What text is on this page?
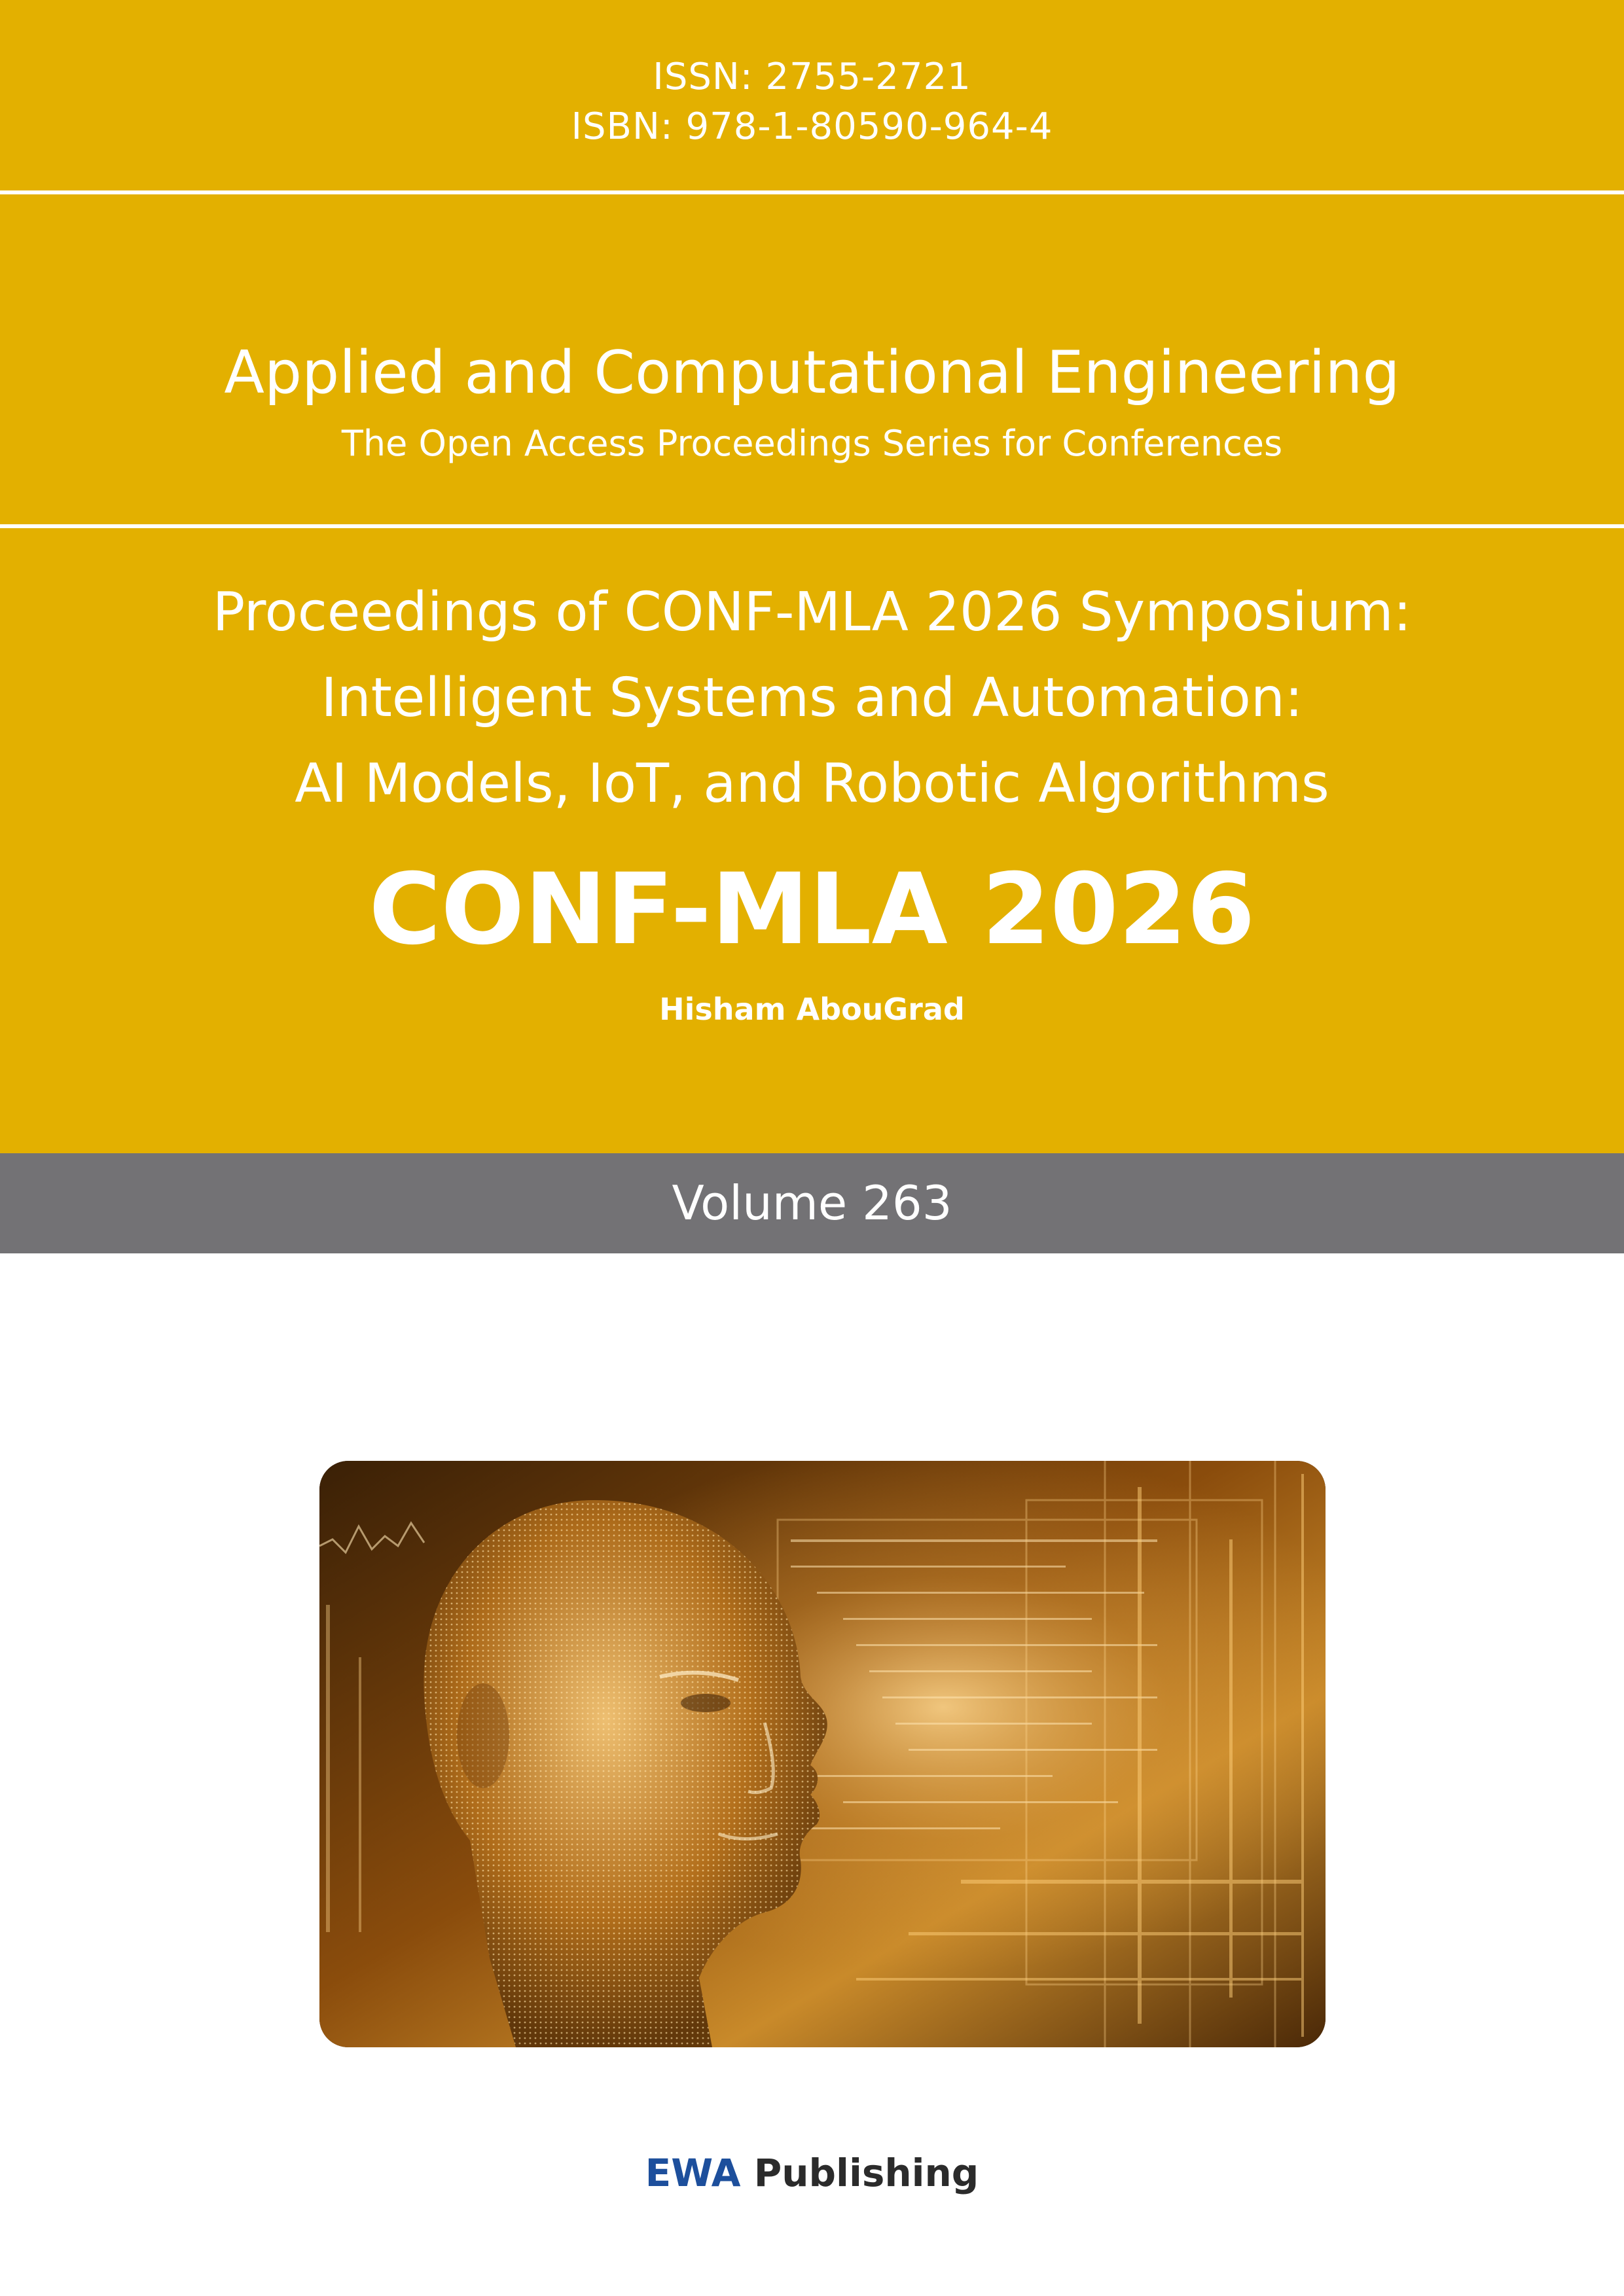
ISSN: 2755-2721
ISBN: 978-1-80590-964-4
Applied and Computational Engineering
The Open Access Proceedings Series for Conferences
Proceedings of CONF-MLA 2026 Symposium:
Intelligent Systems and Automation:
AI Models, IoT, and Robotic Algorithms
CONF-MLA 2026
Hisham AbouGrad
Volume 263
EWA Publishing
